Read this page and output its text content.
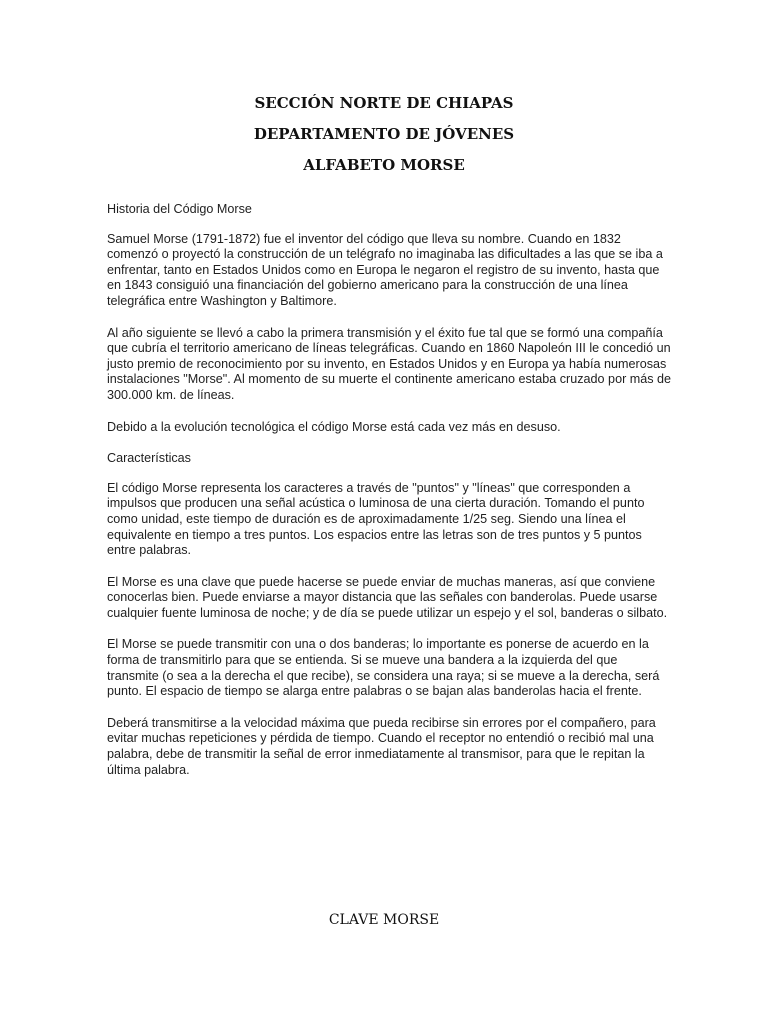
SECCIÓN NORTE DE CHIAPAS
DEPARTAMENTO DE JÓVENES
ALFABETO MORSE

Historia del Código Morse

Samuel Morse (1791-1872) fue el inventor del código que lleva su nombre. Cuando en 1832 comenzó o proyectó la construcción de un telégrafo no imaginaba las dificultades a las que se iba a enfrentar, tanto en Estados Unidos como en Europa le negaron el registro de su invento, hasta que en 1843 consiguió una financiación del gobierno americano para la construcción de una línea telegráfica entre Washington y Baltimore.

Al año siguiente se llevó a cabo la primera transmisión y el éxito fue tal que se formó una compañía que cubría el territorio americano de líneas telegráficas. Cuando en 1860 Napoleón III le concedió un justo premio de reconocimiento por su invento, en Estados Unidos y en Europa ya había numerosas instalaciones "Morse". Al momento de su muerte el continente americano estaba cruzado por más de 300.000 km. de líneas.

Debido a la evolución tecnológica el código Morse está cada vez más en desuso.

Características

El código Morse representa los caracteres a través de "puntos" y "líneas" que corresponden a impulsos que producen una señal acústica o luminosa de una cierta duración. Tomando el punto como unidad, este tiempo de duración es de aproximadamente 1/25 seg. Siendo una línea el equivalente en tiempo a tres puntos. Los espacios entre las letras son de tres puntos y 5 puntos entre palabras.

El Morse es una clave que puede hacerse se puede enviar de muchas maneras, así que conviene conocerlas bien. Puede enviarse a mayor distancia que las señales con banderolas. Puede usarse cualquier fuente luminosa de noche; y de día se puede utilizar un espejo y el sol, banderas o silbato.

El Morse se puede transmitir con una o dos banderas; lo importante es ponerse de acuerdo en la forma de transmitirlo para que se entienda. Si se mueve una bandera a la izquierda del que transmite (o sea a la derecha el que recibe), se considera una raya; si se mueve a la derecha, será punto. El espacio de tiempo se alarga entre palabras o se bajan alas banderolas hacia el frente.

Deberá transmitirse a la velocidad máxima que pueda recibirse sin errores por el compañero, para evitar muchas repeticiones y pérdida de tiempo. Cuando el receptor no entendió o recibió mal una palabra, debe de transmitir la señal de error inmediatamente al transmisor, para que le repitan la última palabra.

CLAVE MORSE
